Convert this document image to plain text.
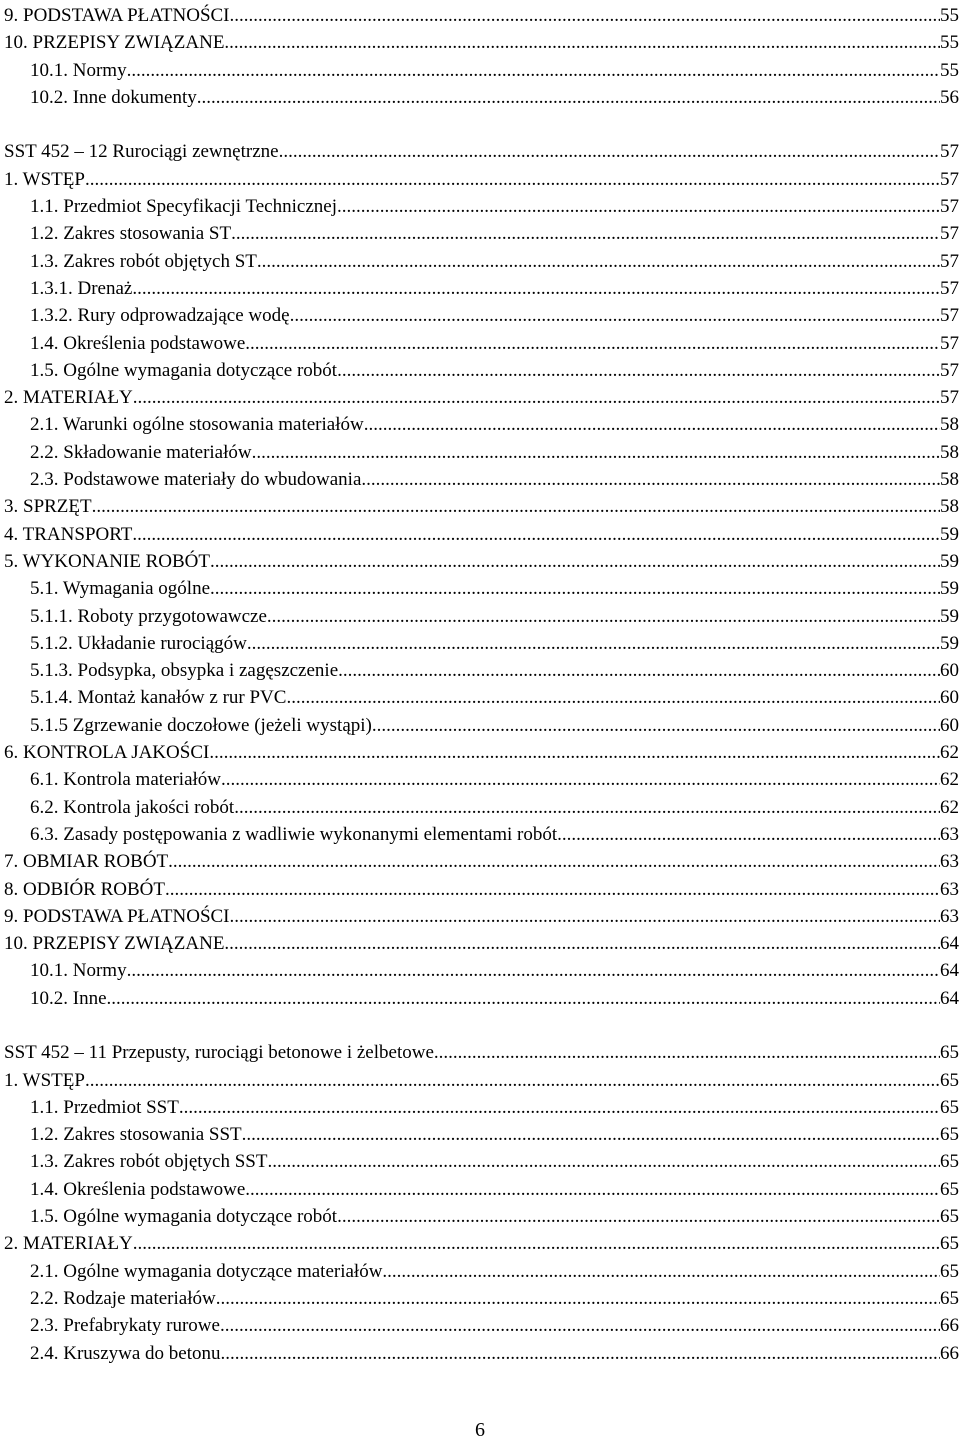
9. PODSTAWA PŁATNOŚCI .....	55
10. PRZEPISY ZWIĄZANE .....	55
10.1. Normy .....	55
10.2. Inne dokumenty .....	56
SST 452 – 12 Rurociągi zewnętrzne .....	57
1. WSTĘP .....	57
1.1. Przedmiot Specyfikacji Technicznej .....	57
1.2. Zakres stosowania ST .....	57
1.3. Zakres robót objętych ST .....	57
1.3.1. Drenaż .....	57
1.3.2. Rury odprowadzające wodę .....	57
1.4. Określenia podstawowe .....	57
1.5. Ogólne wymagania dotyczące robót .....	57
2. MATERIAŁY .....	57
2.1. Warunki ogólne stosowania materiałów .....	58
2.2. Składowanie materiałów .....	58
2.3. Podstawowe materiały do wbudowania .....	58
3. SPRZĘT .....	58
4. TRANSPORT .....	59
5. WYKONANIE ROBÓT .....	59
5.1. Wymagania ogólne .....	59
5.1.1. Roboty przygotowawcze .....	59
5.1.2. Układanie rurociągów .....	59
5.1.3. Podsypka, obsypka i zagęszczenie .....	60
5.1.4. Montaż kanałów z rur PVC .....	60
5.1.5 Zgrzewanie doczołowe (jeżeli wystąpi) .....	60
6. KONTROLA JAKOŚCI .....	62
6.1. Kontrola materiałów .....	62
6.2. Kontrola jakości robót .....	62
6.3. Zasady postępowania z wadliwie wykonanymi elementami robót .....	63
7. OBMIAR ROBÓT .....	63
8. ODBIÓR ROBÓT .....	63
9. PODSTAWA PŁATNOŚCI .....	63
10. PRZEPISY ZWIĄZANE .....	64
10.1. Normy .....	64
10.2. Inne .....	64
SST 452 – 11 Przepusty, rurociągi betonowe i żelbetowe .....	65
1. WSTĘP .....	65
1.1. Przedmiot SST .....	65
1.2. Zakres stosowania SST .....	65
1.3. Zakres robót objętych SST .....	65
1.4. Określenia podstawowe .....	65
1.5. Ogólne wymagania dotyczące robót .....	65
2. MATERIAŁY .....	65
2.1. Ogólne wymagania dotyczące materiałów .....	65
2.2. Rodzaje materiałów .....	65
2.3. Prefabrykaty rurowe .....	66
2.4. Kruszywa do betonu .....	66
6
